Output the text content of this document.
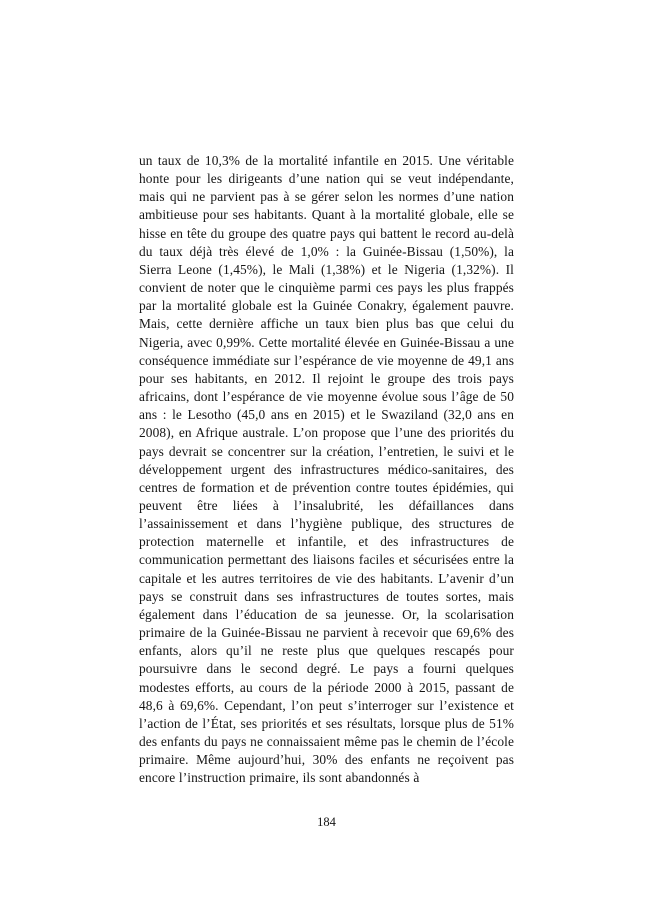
un taux de 10,3% de la mortalité infantile en 2015. Une véritable honte pour les dirigeants d’une nation qui se veut indépendante, mais qui ne parvient pas à se gérer selon les normes d’une nation ambitieuse pour ses habitants. Quant à la mortalité globale, elle se hisse en tête du groupe des quatre pays qui battent le record au-delà du taux déjà très élevé de 1,0% : la Guinée-Bissau (1,50%), la Sierra Leone (1,45%), le Mali (1,38%) et le Nigeria (1,32%). Il convient de noter que le cinquième parmi ces pays les plus frappés par la mortalité globale est la Guinée Conakry, également pauvre. Mais, cette dernière affiche un taux bien plus bas que celui du Nigeria, avec 0,99%. Cette mortalité élevée en Guinée-Bissau a une conséquence immédiate sur l’espérance de vie moyenne de 49,1 ans pour ses habitants, en 2012. Il rejoint le groupe des trois pays africains, dont l’espérance de vie moyenne évolue sous l’âge de 50 ans : le Lesotho (45,0 ans en 2015) et le Swaziland (32,0 ans en 2008), en Afrique australe. L’on propose que l’une des priorités du pays devrait se concentrer sur la création, l’entretien, le suivi et le développement urgent des infrastructures médico-sanitaires, des centres de formation et de prévention contre toutes épidémies, qui peuvent être liées à l’insalubrité, les défaillances dans l’assainissement et dans l’hygiène publique, des structures de protection maternelle et infantile, et des infrastructures de communication permettant des liaisons faciles et sécurisées entre la capitale et les autres territoires de vie des habitants. L’avenir d’un pays se construit dans ses infrastructures de toutes sortes, mais également dans l’éducation de sa jeunesse. Or, la scolarisation primaire de la Guinée-Bissau ne parvient à recevoir que 69,6% des enfants, alors qu’il ne reste plus que quelques rescapés pour poursuivre dans le second degré. Le pays a fourni quelques modestes efforts, au cours de la période 2000 à 2015, passant de 48,6 à 69,6%. Cependant, l’on peut s’interroger sur l’existence et l’action de l’État, ses priorités et ses résultats, lorsque plus de 51% des enfants du pays ne connaissaient même pas le chemin de l’école primaire. Même aujourd’hui, 30% des enfants ne reçoivent pas encore l’instruction primaire, ils sont abandonnés à
184
